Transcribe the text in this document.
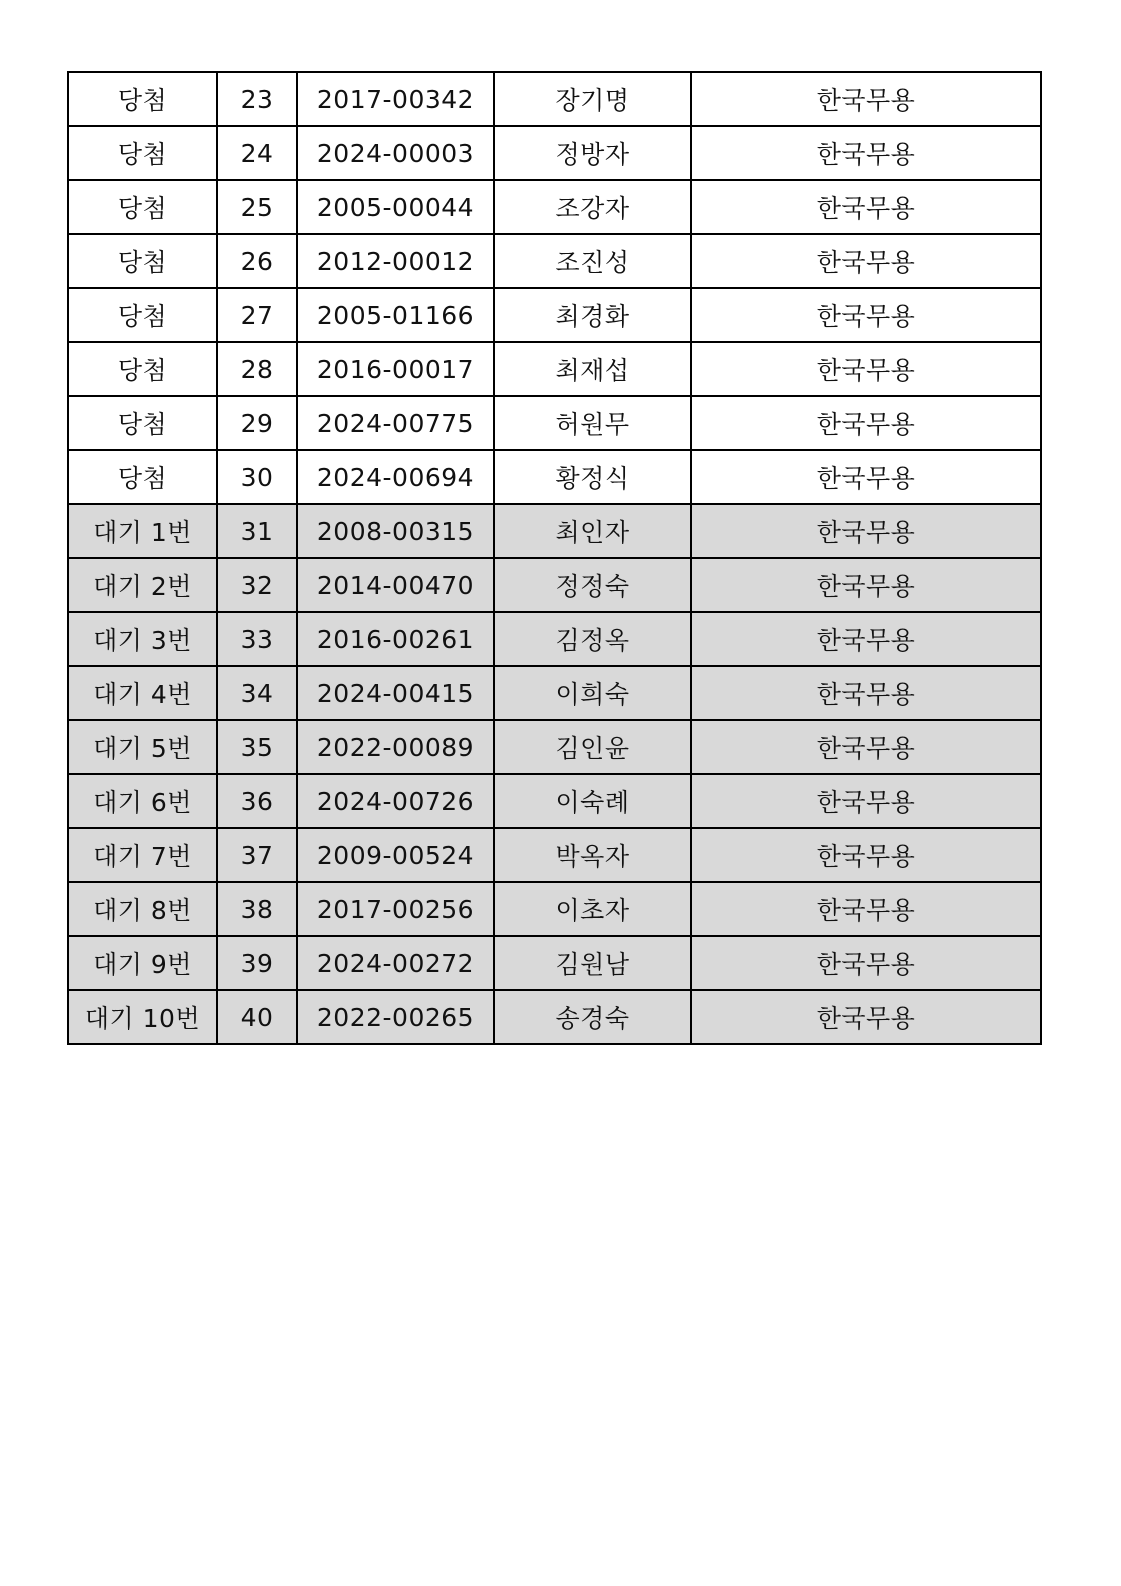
당첨	23	2017-00342	장기명	한국무용
당첨	24	2024-00003	정방자	한국무용
당첨	25	2005-00044	조강자	한국무용
당첨	26	2012-00012	조진성	한국무용
당첨	27	2005-01166	최경화	한국무용
당첨	28	2016-00017	최재섭	한국무용
당첨	29	2024-00775	허원무	한국무용
당첨	30	2024-00694	황정식	한국무용
대기 1번	31	2008-00315	최인자	한국무용
대기 2번	32	2014-00470	정정숙	한국무용
대기 3번	33	2016-00261	김정옥	한국무용
대기 4번	34	2024-00415	이희숙	한국무용
대기 5번	35	2022-00089	김인윤	한국무용
대기 6번	36	2024-00726	이숙례	한국무용
대기 7번	37	2009-00524	박옥자	한국무용
대기 8번	38	2017-00256	이초자	한국무용
대기 9번	39	2024-00272	김원남	한국무용
대기 10번	40	2022-00265	송경숙	한국무용
